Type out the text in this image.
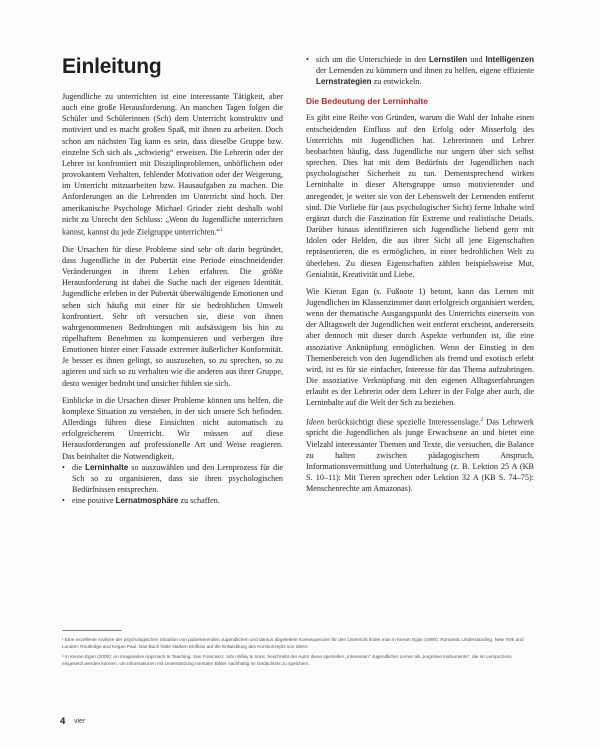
Einleitung

Jugendliche zu unterrichten ist eine interessante Tätigkeit, aber auch eine große Herausforderung. An manchen Tagen folgen die Schüler und Schülerinnen (Sch) dem Unterricht konstruktiv und motiviert und es macht großen Spaß, mit ihnen zu arbeiten. Doch schon am nächsten Tag kann es sein, dass dieselbe Gruppe bzw. einzelne Sch sich als „schwierig“ erweisen. Die Lehrerin oder der Lehrer ist konfrontiert mit Disziplinproblemen, unhöflichem oder provokantem Verhalten, fehlender Motivation oder der Weigerung, im Unterricht mitzuarbeiten bzw. Hausaufgaben zu machen. Die Anforderungen an die Lehrenden im Unterricht sind hoch. Der amerikanische Psychologe Michael Grinder zieht deshalb wohl nicht zu Unrecht den Schluss: „Wenn du Jugendliche unterrichten kannst, kannst du jede Zielgruppe unterrichten.“$^1$

Die Ursachen für diese Probleme sind sehr oft darin begründet, dass Jugendliche in der Pubertät eine Periode einschneidender Veränderungen in ihrem Leben erfahren. Die größte Herausforderung ist dabei die Suche nach der eigenen Identität. Jugendliche erleben in der Pubertät überwältigende Emotionen und sehen sich häufig mit einer für sie bedrohlichen Umwelt konfrontiert. Sehr oft versuchen sie, diese von ihnen wahrgenommenen Bedrohungen mit aufsässigem bis hin zu rüpelhaftem Benehmen zu kompensieren und verbergen ihre Emotionen hinter einer Fassade extremer äußerlicher Konformität. Je besser es ihnen gelingt, so auszusehen, so zu sprechen, so zu agieren und sich so zu verhalten wie die anderen aus ihrer Gruppe, desto weniger bedroht und unsicher fühlen sie sich.

Einblicke in die Ursachen dieser Probleme können uns helfen, die komplexe Situation zu verstehen, in der sich unsere Sch befinden. Allerdings führen diese Einsichten nicht automatisch zu erfolgreicherem Unterricht. Wir müssen auf diese Herausforderungen auf professionelle Art und Weise reagieren. Das beinhaltet die Notwendigkeit,

• die Lerninhalte so auszuwählen und den Lernprozess für die Sch so zu organisieren, dass sie ihren psychologischen Bedürfnissen entsprechen.
• eine positive Lernatmosphäre zu schaffen.
• sich um die Unterschiede in den Lernstilen und Intelligenzen der Lernenden zu kümmern und ihnen zu helfen, eigene effiziente Lernstrategien zu entwickeln.
Die Bedeutung der Lerninhalte

Es gibt eine Reihe von Gründen, warum die Wahl der Inhalte einen entscheidenden Einfluss auf den Erfolg oder Misserfolg des Unterrichts mit Jugendlichen hat. Lehrerinnen und Lehrer beobachten häufig, dass Jugendliche nur ungern über sich selbst sprechen. Dies hat mit dem Bedürfnis der Jugendlichen nach psychologischer Sicherheit zu tun. Dementsprechend wirken Lerninhalte in dieser Altersgruppe umso motivierender und anregender, je weiter sie von der Lebenswelt der Lernenden entfernt sind. Die Vorliebe für (aus psychologischer Sicht) ferne Inhalte wird ergänzt durch die Faszination für Extreme und realistische Details. Darüber hinaus identifizieren sich Jugendliche liebend gern mit Idolen oder Helden, die aus ihrer Sicht all jene Eigenschaften repräsentieren, die es ermöglichen, in einer bedrohlichen Welt zu überleben. Zu diesen Eigenschaften zählen beispielsweise Mut, Genialität, Kreativität und Liebe.

Wie Kieran Egan (s. Fußnote 1) betont, kann das Lernen mit Jugendlichen im Klassenzimmer dann erfolgreich organisiert werden, wenn der thematische Ausgangspunkt des Unterrichts einerseits von der Alltagswelt der Jugendlichen weit entfernt erscheint, andererseits aber dennoch mit dieser durch Aspekte verbunden ist, die eine assoziative Anknüpfung ermöglichen. Wenn der Einstieg in den Themenbereich von den Jugendlichen als fremd und exotisch erlebt wird, ist es für sie einfacher, Interesse für das Thema aufzubringen. Die assoziative Verknüpfung mit den eigenen Alltagserfahrungen erlaubt es der Lehrerin oder dem Lehrer in der Folge aber auch, die Lerninhalte auf die Welt der Sch zu beziehen.

Ideen berücksichtigt diese spezielle Interessenslage.$^2$ Das Lehrwerk spricht die Jugendlichen als junge Erwachsene an und bietet eine Vielzahl interessanter Themen und Texte, die versuchen, die Balance zu halten zwischen pädagogischem Anspruch, Informationsvermittlung und Unterhaltung (z. B. Lektion 25 A (KB S. 10–11): Mit Tieren sprechen oder Lektion 32 A (KB S. 74–75): Menschenrechte am Amazonas).

¹ Eine exzellente Analyse der psychologischen Situation von pubertierenden Jugendlichen und daraus abgeleitete Konsequenzen für den Unterricht findet man in Kieran Egan (1990): Romantic Understanding. New York and London: Routledge and Kegan Paul. Das Buch hatte starken Einfluss auf die Entwicklung des Kurskonzepts von Ideen.
² In Kieran Egan (2005): An Imaginative Approach to Teaching. San Francisco: John Wiley & Sons. beschreibt der Autor diese speziellen „Interessen“ Jugendlicher Lerner als „kognitive Instrumente“, die im Lernprozess eingesetzt werden können, um Informationen mit Unterstützung mentaler Bilder nachhaltig im Gedächtnis zu speichern.
4 vier
